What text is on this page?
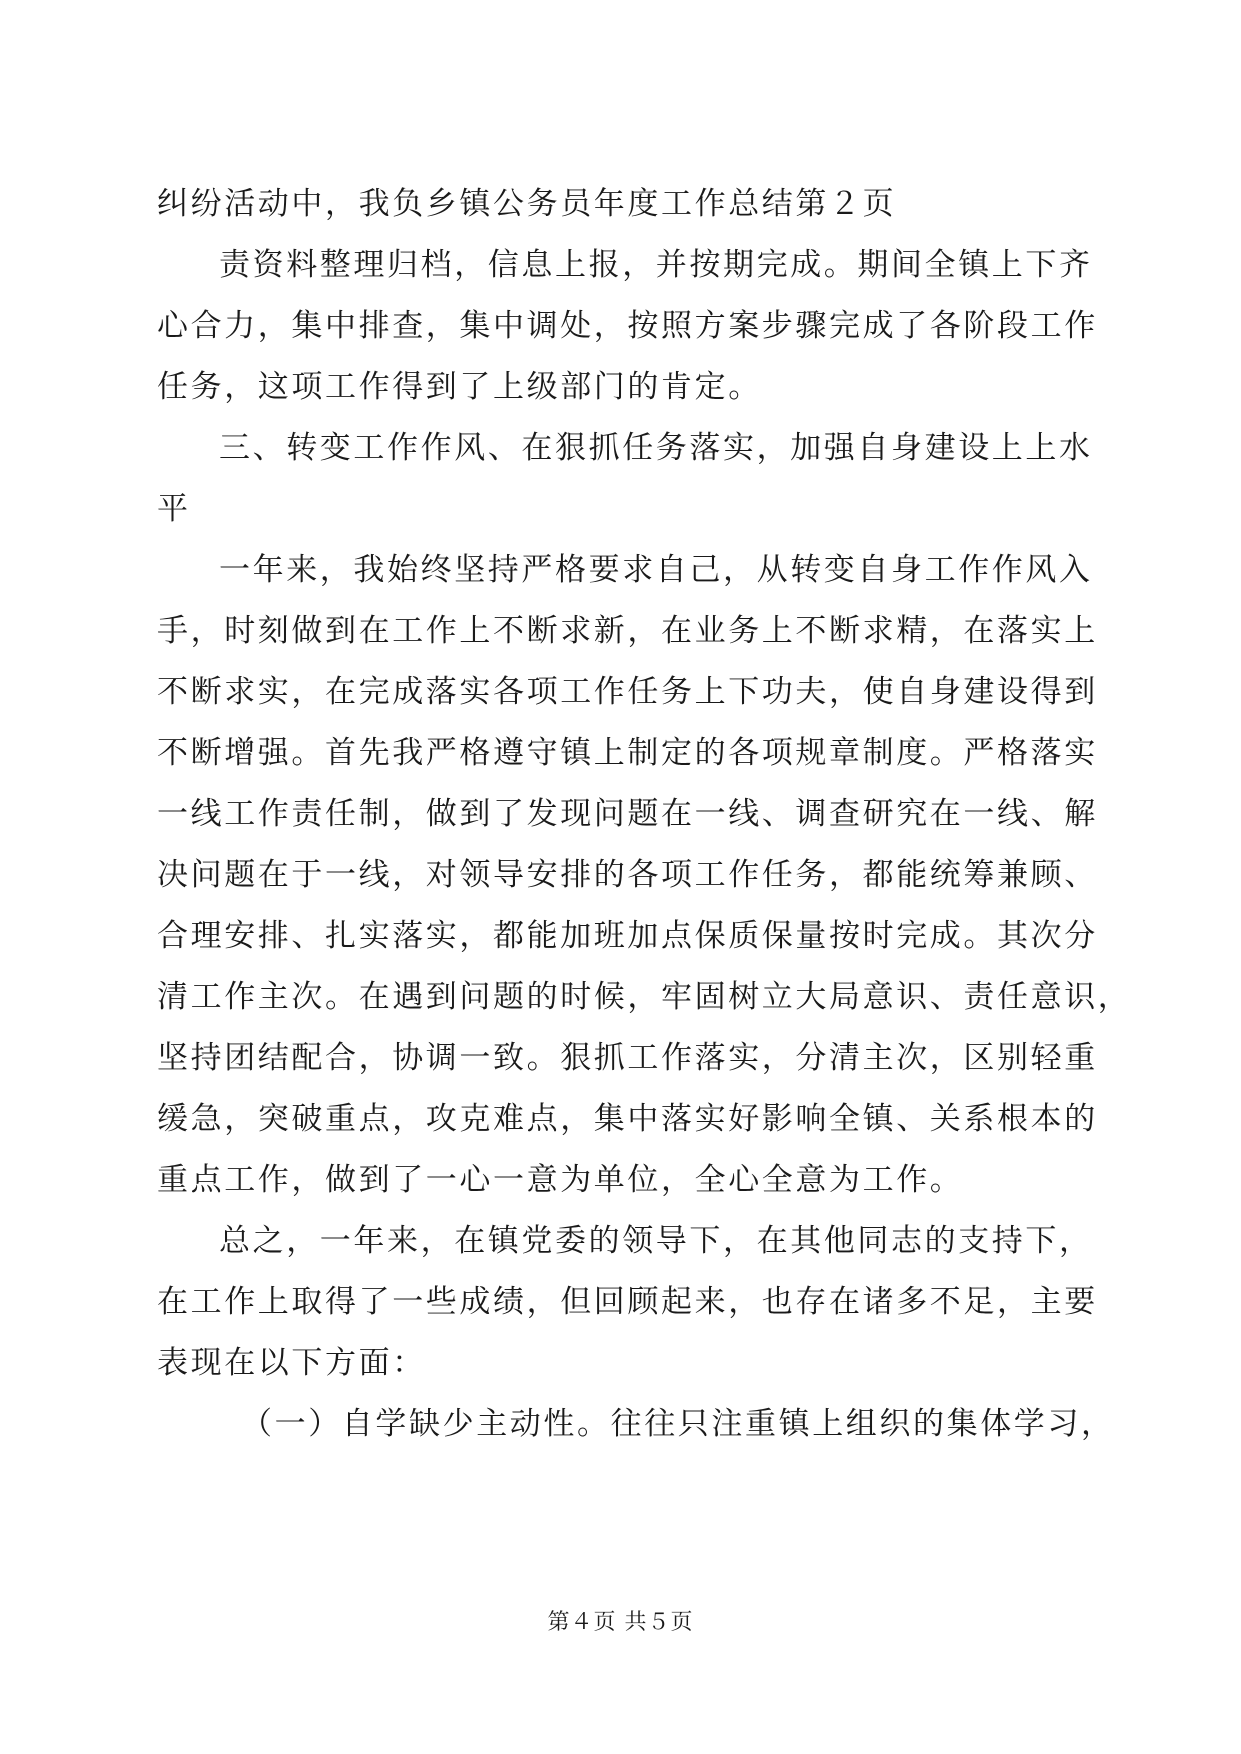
纠纷活动中，我负乡镇公务员年度工作总结第２页
责资料整理归档，信息上报，并按期完成。期间全镇上下齐
心合力，集中排查，集中调处，按照方案步骤完成了各阶段工作
任务，这项工作得到了上级部门的肯定。
三、转变工作作风、在狠抓任务落实，加强自身建设上上水
平
一年来，我始终坚持严格要求自己，从转变自身工作作风入
手，时刻做到在工作上不断求新，在业务上不断求精，在落实上
不断求实，在完成落实各项工作任务上下功夫，使自身建设得到
不断增强。首先我严格遵守镇上制定的各项规章制度。严格落实
一线工作责任制，做到了发现问题在一线、调查研究在一线、解
决问题在于一线，对领导安排的各项工作任务，都能统筹兼顾、
合理安排、扎实落实，都能加班加点保质保量按时完成。其次分
清工作主次。在遇到问题的时候，牢固树立大局意识、责任意识，
坚持团结配合，协调一致。狠抓工作落实，分清主次，区别轻重
缓急，突破重点，攻克难点，集中落实好影响全镇、关系根本的
重点工作，做到了一心一意为单位，全心全意为工作。
总之，一年来，在镇党委的领导下，在其他同志的支持下，
在工作上取得了一些成绩，但回顾起来，也存在诸多不足，主要
表现在以下方面：
（一）自学缺少主动性。往往只注重镇上组织的集体学习，
第４页 共５页
